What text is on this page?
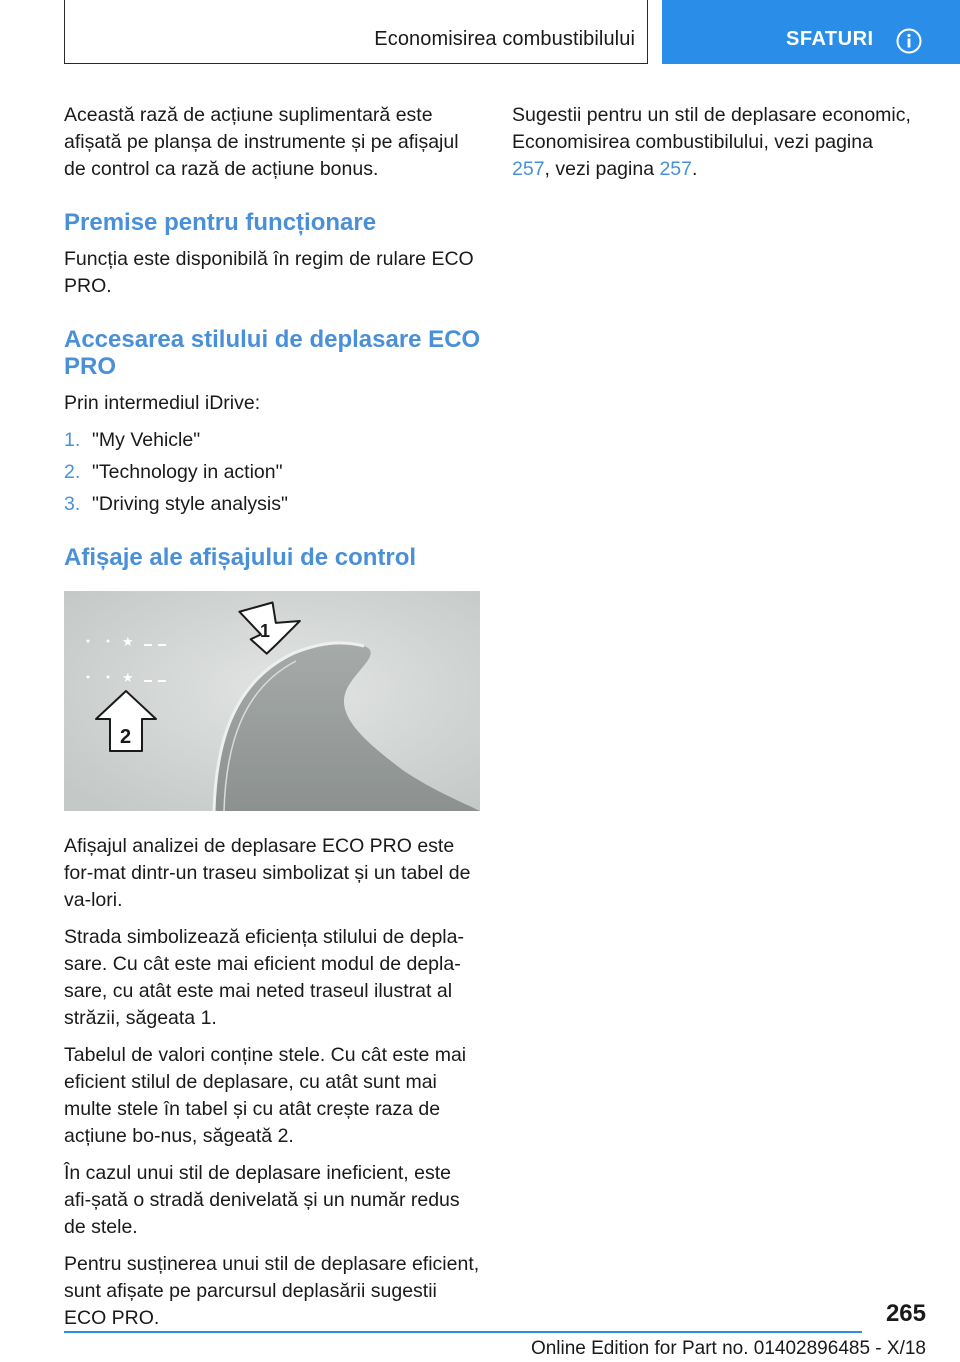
Economisirea combustibilului	SFATURI

Această rază de acțiune suplimentară este afișată pe planșa de instrumente și pe afișajul de control ca rază de acțiune bonus.

Premise pentru funcționare

Funcția este disponibilă în regim de rulare ECO PRO.

Accesarea stilului de deplasare ECO PRO

Prin intermediul iDrive:

1. "My Vehicle"
2. "Technology in action"
3. "Driving style analysis"
Afișaje ale afișajului de control
★
★
1
2

Afișajul analizei de deplasare ECO PRO este for-mat dintr-un traseu simbolizat și un tabel de va-lori.

Strada simbolizează eficiența stilului de depla-sare. Cu cât este mai eficient modul de depla-sare, cu atât este mai neted traseul ilustrat al străzii, săgeata 1.

Tabelul de valori conține stele. Cu cât este mai eficient stilul de deplasare, cu atât sunt mai multe stele în tabel și cu atât crește raza de acțiune bo-nus, săgeată 2.

În cazul unui stil de deplasare ineficient, este afi-șată o stradă denivelată și un număr redus de stele.

Pentru susținerea unui stil de deplasare eficient, sunt afișate pe parcursul deplasării sugestii ECO PRO.

Sugestii pentru un stil de deplasare economic, Economisirea combustibilului, vezi pagina 257, vezi pagina 257.

265
Online Edition for Part no. 01402896485 - X/18
